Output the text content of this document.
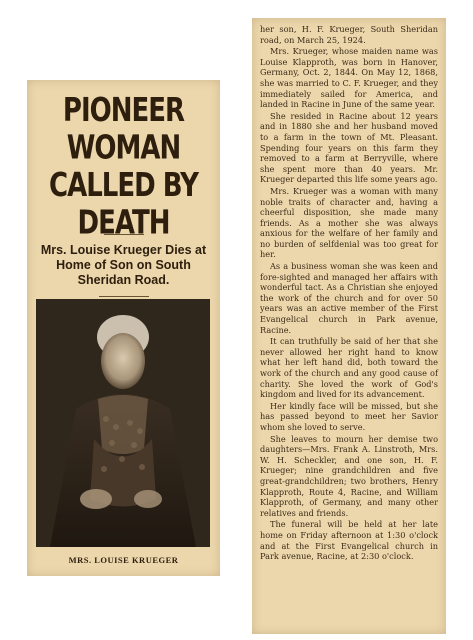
PIONEER WOMAN CALLED BY DEATH
Mrs. Louise Krueger Dies at Home of Son on South Sheridan Road.
MRS. LOUISE KRUEGER

her son, H. F. Krueger, South Sheridan road, on March 25, 1924.

Mrs. Krueger, whose maiden name was Louise Klapproth, was born in Hanover, Germany, Oct. 2, 1844. On May 12, 1868, she was married to C. F. Krueger, and they immediately sailed for America, and landed in Racine in June of the same year.

She resided in Racine about 12 years and in 1880 she and her husband moved to a farm in the town of Mt. Pleasant. Spending four years on this farm they removed to a farm at Berryville, where she spent more than 40 years. Mr. Krueger departed this life some years ago.

Mrs. Krueger was a woman with many noble traits of character and, having a cheerful disposition, she made many friends. As a mother she was always anxious for the welfare of her family and no burden of selfdenial was too great for her.

As a business woman she was keen and fore-sighted and managed her affairs with wonderful tact. As a Christian she enjoyed the work of the church and for over 50 years was an active member of the First Evangelical church in Park avenue, Racine.

It can truthfully be said of her that she never allowed her right hand to know what her left hand did, both toward the work of the church and any good cause of charity. She loved the work of God's kingdom and lived for its advancement.

Her kindly face will be missed, but she has passed beyond to meet her Savior whom she loved to serve.

She leaves to mourn her demise two daughters—Mrs. Frank A. Linstroth, Mrs. W. H. Scheckler, and one son, H. F. Krueger; nine grandchildren and five great-grandchildren; two brothers, Henry Klapproth, Route 4, Racine, and William Klapproth, of Germany, and many other relatives and friends.

The funeral will be held at her late home on Friday afternoon at 1:30 o'clock and at the First Evangelical church in Park avenue, Racine, at 2:30 o'clock.
